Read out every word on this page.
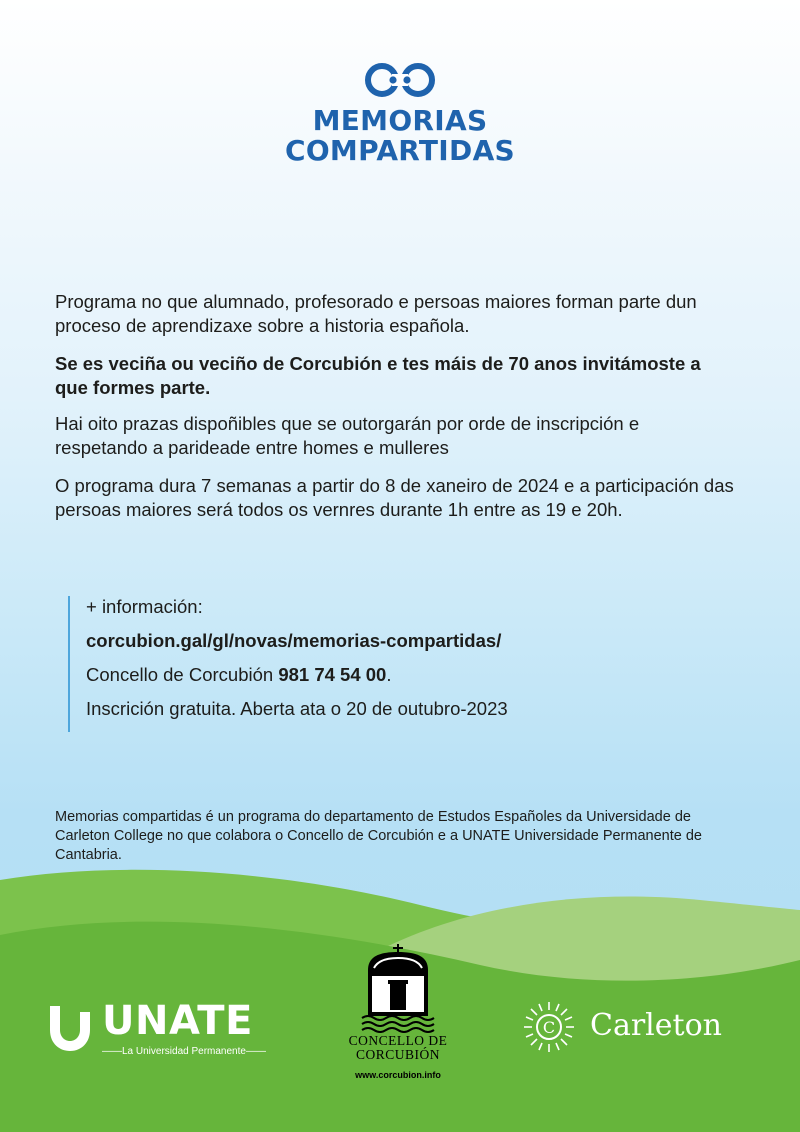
MEMORIAS
COMPARTIDAS

Programa no que alumnado, profesorado e persoas maiores forman parte dun proceso de aprendizaxe sobre a historia española.

Se es veciña ou veciño de Corcubión e tes máis de 70 anos invitámoste a que formes parte.

Hai oito prazas dispoñibles que se outorgarán por orde de inscripción e respetando a parideade entre homes e mulleres

O programa dura 7 semanas a partir do 8 de xaneiro de 2024 e a participación das persoas maiores será todos os vernres durante 1h entre as 19 e 20h.

+ información:
corcubion.gal/gl/novas/memorias-compartidas/
Concello de Corcubión 981 74 54 00.
Inscrición gratuita. Aberta ata o 20 de outubro-2023
Memorias compartidas é un programa do departamento de Estudos Españoles da Universidade de Carleton College no que colabora o Concello de Corcubión e a UNATE Universidade Permanente de Cantabria.
UNATE
——La Universidad Permanente——
CONCELLO DE
CORCUBIÓN
www.corcubion.info
C Carleton
